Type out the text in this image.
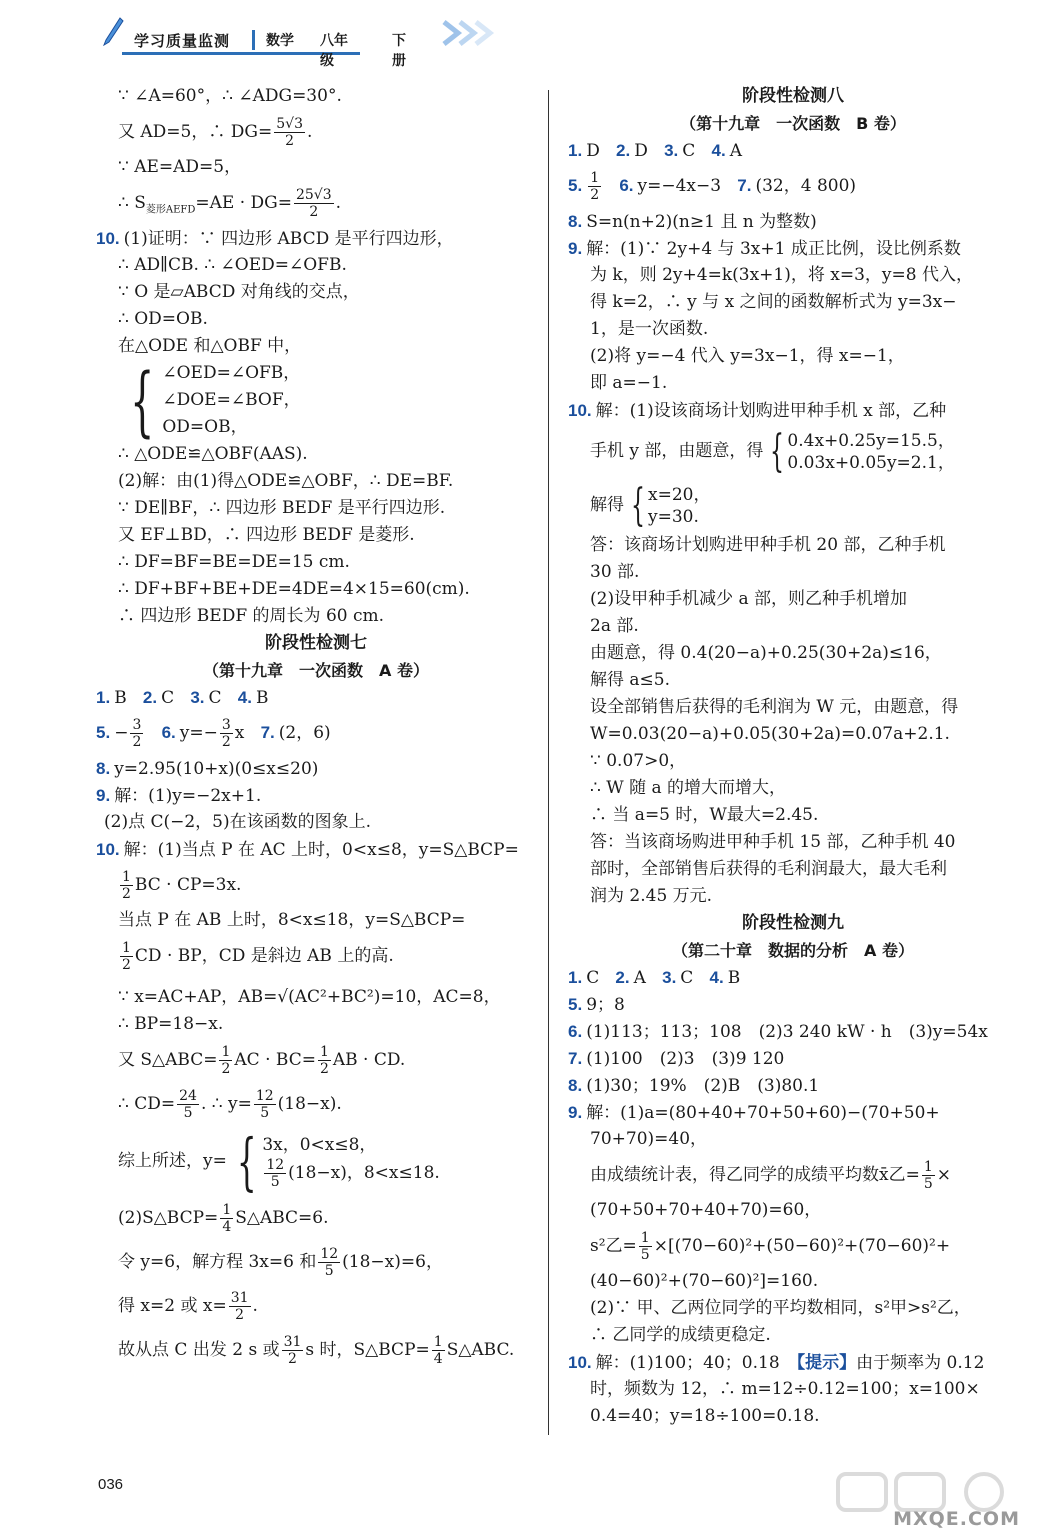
学习质量监测	数学 八年级
下册
∵ ∠A=60°，∴ ∠ADG=30°.
又 AD=5，∴ $DG= \frac{5√3}{2}$ .
∵ AE=AD=5，
∴ $S_{菱形AEFD}=AE \cdot DG= \frac{25√3}{2}$ .
10. (1)证明：∵ 四边形 ABCD 是平行四边形，
∴ AD∥CB. ∴ ∠OED=∠OFB.
∵ O 是▱ABCD 对角线的交点，
∴ OD=OB.
在△ODE 和△OBF 中，
{ ∠OED=∠OFB，
∠DOE=∠BOF，
OD=OB，
∴ △ODE≌△OBF(AAS).
(2)解：由(1)得△ODE≌△OBF，∴ DE=BF.
∵ DE∥BF，∴ 四边形 BEDF 是平行四边形.
又 EF⊥BD，∴ 四边形 BEDF 是菱形.
∴ DF=BF=BE=DE=15 cm.
∴ DF+BF+BE+DE=4DE=4×15=60(cm).
∴ 四边形 BEDF 的周长为 60 cm.
阶段性检测七
（第十九章　一次函数　A 卷）
1. B 2. C 3. C 4. B
5. − $\frac{3}{2} 6$. $y=- \frac{3}{2}$ x 7. (2，6)
8. y=2.95(10+x)(0≤x≤20)
9. 解：(1)y=−2x+1.
(2)点 C(−2，5)在该函数的图象上.
10. 解：(1)当点 P 在 AC 上时，0<x≤8，y=S△BCP=
$\frac{1}{2}$ BC · CP=3x.
当点 P 在 AB 上时，8<x≤18，y=S△BCP=
$\frac{1}{2}$ CD · BP，CD 是斜边 AB 上的高.
∵ x=AC+AP，AB=√(AC²+BC²)=10，AC=8，
∴ BP=18−x.
又 S△ABC= $\frac{1}{2}$ AC · $BC= \frac{1}{2}$ AB · CD.
∴ $CD= \frac{24}{5}$ . ∴ $y= \frac{12}{5} (18-x)$.
综上所述，y= { 3x，0<x≤8，
$\frac{12}{5} (18-x)$，8<x≤18.
(2)S△BCP= $\frac{1}{4}$ S△ABC=6.
令 y=6，解方程 3x=6 和 $\frac{12}{5} (18-x)=6$，
得 x=2 或 $x= \frac{31}{2}$ .
故从点 C 出发 2 s 或 $\frac{31}{2}$ s 时，S△BCP= $\frac{1}{4}$ S△ABC.
阶段性检测八
（第十九章　一次函数　B 卷）
1. D 2. D 3. C 4. A
5. $\frac{1}{2} 6$. y=−4x−3 7. (32，4 800)
8. S=n(n+2)(n≥1 且 n 为整数)
9. 解：(1)∵ 2y+4 与 3x+1 成正比例，设比例系数
为 k，则 2y+4=k(3x+1)，将 x=3，y=8 代入，
得 k=2，∴ y 与 x 之间的函数解析式为 y=3x−
1，是一次函数.
(2)将 y=−4 代入 y=3x−1，得 x=−1，
即 a=−1.
10. 解：(1)设该商场计划购进甲种手机 x 部，乙种
手机 y 部，由题意，得 { 0.4x+0.25y=15.5，
0.03x+0.05y=2.1，
解得 { x=20，
y=30.
答：该商场计划购进甲种手机 20 部，乙种手机
30 部.
(2)设甲种手机减少 a 部，则乙种手机增加
2a 部.
由题意，得 0.4(20−a)+0.25(30+2a)≤16，
解得 a≤5.
设全部销售后获得的毛利润为 W 元，由题意，得
W=0.03(20−a)+0.05(30+2a)=0.07a+2.1.
∵ 0.07>0，
∴ W 随 a 的增大而增大，
∴ 当 a=5 时，W最大=2.45.
答：当该商场购进甲种手机 15 部，乙种手机 40
部时，全部销售后获得的毛利润最大，最大毛利
润为 2.45 万元.
阶段性检测九
（第二十章　数据的分析　A 卷）
1. C 2. A 3. C 4. B
5. 9；8
6. (1)113；113；108　(2)3 240 kW · h　(3)y=54x
7. (1)100　(2)3　(3)9 120
8. (1)30；19%　(2)B　(3)80.1
9. 解：(1)a=(80+40+70+50+60)−(70+50+
70+70)=40，
由成绩统计表，得乙同学的成绩平均数x̄乙= $\frac{1}{5}$ ×
(70+50+70+40+70)=60，
s²乙= $\frac{1}{5} \times[(70-60)^2+(50-60)^2+(70-60)^2+$
(40−60)²+(70−60)²]=160.
(2)∵ 甲、乙两位同学的平均数相同，s²甲>s²乙，
∴ 乙同学的成绩更稳定.
10. 解：(1)100；40；0.18　【提示】由于频率为 0.12
时，频数为 12，∴ m=12÷0.12=100；x=100×
0.4=40；y=18÷100=0.18.
036
MXQE.COM
